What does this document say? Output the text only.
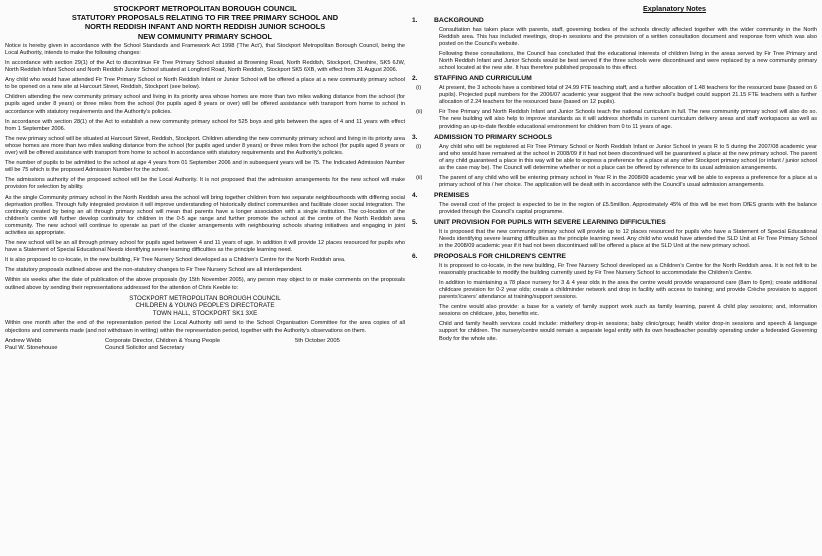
STOCKPORT METROPOLITAN BOROUGH COUNCIL

STATUTORY PROPOSALS RELATING TO FIR TREE PRIMARY SCHOOL AND

NORTH REDDISH INFANT AND NORTH REDDISH JUNIOR SCHOOLS

NEW COMMUNITY PRIMARY SCHOOL

Notice is hereby given in accordance with the School Standards and Framework Act 1998 ('The Act'), that Stockport Metropolitan Borough Council, being the Local Authority, intends to make the following changes:

In accordance with section 29(1) of the Act to discontinue Fir Tree Primary School situated at Browning Road, North Reddish, Stockport, Cheshire, SK5 6JW, North Reddish Infant School and North Reddish Junior School situated at Longford Road, North Reddish, Stockport SK5 6XB, with effect from 31 August 2006.

Any child who would have attended Fir Tree Primary School or North Reddish Infant or Junior School will be offered a place at a new community primary school to be opened on a new site at Harcourt Street, Reddish, Stockport (see below).

Children attending the new community primary school and living in its priority area whose homes are more than two miles walking distance from the school (for pupils aged under 8 years) or three miles from the school (for pupils aged 8 years or over) will be offered assistance with transport from home to school in accordance with statutory requirements and the Authority's policies.

In accordance with section 28(1) of the Act to establish a new community primary school for 525 boys and girls between the ages of 4 and 11 years with effect from 1 September 2006.

The new primary school will be situated at Harcourt Street, Reddish, Stockport. Children attending the new community primary school and living in its priority area whose homes are more than two miles walking distance from the school (for pupils aged under 8 years) or three miles from the school (for pupils aged 8 years or over) will be offered assistance with transport from home to school in accordance with statutory requirements and the Authority's policies.

The number of pupils to be admitted to the school at age 4 years from 01 September 2006 and in subsequent years will be 75. The Indicated Admission Number will be 75 which is the proposed Admission Number for the school.

The admissions authority of the proposed school will be the Local Authority. It is not proposed that the admission arrangements for the new school will make provision for selection by ability.

As the single Community primary school in the North Reddish area the school will bring together children from two separate neighbourhoods with differing social deprivation profiles. Through fully integrated provision it will improve understanding of historically distinct communities and facilitate closer social integration. The continuity created by being an all through primary school will mean that parents have a longer association with a single institution. The co-location of the children's centre will further develop continuity for children in the 0-5 age range and further promote the school at the centre of the North Reddish area community. The new school will continue to operate as part of the cluster arrangements with neighbouring schools sharing initiatives and engaging in joint activities as appropriate.

The new school will be an all through primary school for pupils aged between 4 and 11 years of age. In addition it will provide 12 places resourced for pupils who have a Statement of Special Educational Needs identifying severe learning difficulties as the principle learning need.

It is also proposed to co-locate, in the new building, Fir Tree Nursery School developed as a Children's Centre for the North Reddish area.

The statutory proposals outlined above and the non-statutory changes to Fir Tree Nursery School are all interdependent.

Within six weeks after the date of publication of the above proposals (by 15th November 2005), any person may object to or make comments on the proposals outlined above by sending their representations addressed for the attention of Chris Keeble to:

STOCKPORT METROPOLITAN BOROUGH COUNCIL
CHILDREN & YOUNG PEOPLE'S DIRECTORATE
TOWN HALL, STOCKPORT SK1 3XE

Within one month after the end of the representation period the Local Authority will send to the School Organisation Committee for the area copies of all objections and comments made (and not withdrawn in writing) within the representation period, together with the Authority's observations on them.

Andrew Webb	Corporate Director, Children & Young People	5th October 2005
Paul W. Stonehouse	Council Solicitor and Secretary
Explanatory Notes
1.	BACKGROUND

Consultation has taken place with parents, staff, governing bodies of the schools directly affected together with the wider community in the North Reddish area. This has included meetings, drop-in sessions and the provision of a written consultation document and response form which was also posted on the Council's website.

Following these consultations, the Council has concluded that the educational interests of children living in the areas served by Fir Tree Primary and North Reddish Infant and Junior Schools would be best served if the three schools were discontinued and were replaced by a new community primary school located at the new site. It has therefore published proposals to this effect.

2.	STAFFING AND CURRICULUM
(i)	At present, the 3 schools have a combined total of 24.99 FTE teaching staff, and a further allocation of 1.48 teachers for the resourced base (based on 6 pupils). Projected pupil numbers for the 2006/07 academic year suggest that the new school's budget could support 21.15 FTE teachers with a further allocation of 2.24 teachers for the resourced base (based on 12 pupils).
(ii)	Fir Tree Primary and North Reddish Infant and Junior Schools teach the national curriculum in full. The new community primary school will also do so. The new building will also help to improve standards as it will address shortfalls in current curriculum delivery areas and staff workspaces as well as providing an up-to-date flexible educational environment for children from 0 to 11 years of age.
3.	ADMISSION TO PRIMARY SCHOOLS
(i)	Any child who will be registered at Fir Tree Primary School or North Reddish Infant or Junior School in years R to 5 during the 2007/08 academic year and who would have remained at the school in 2008/09 if it had not been discontinued will be guaranteed a place at the new primary school. The parent of any child guaranteed a place in this way will be able to express a preference for a place at any other Stockport primary school (or infant / junior school as the case may be). The Council will determine whether or not a place can be offered by reference to its usual admission arrangements.
(ii)	The parent of any child who will be entering primary school in Year R in the 2008/09 academic year will be able to express a preference for a place at a primary school of his / her choice. The application will be dealt with in accordance with the Council's usual admission arrangements.
4.	PREMISES

The overall cost of the project is expected to be in the region of £5.5million. Approximately 45% of this will be met from DfES grants with the balance provided through the Council's capital programme.

5.	UNIT PROVISION FOR PUPILS WITH SEVERE LEARNING DIFFICULTIES

It is proposed that the new community primary school will provide up to 12 places resourced for pupils who have a Statement of Special Educational Needs identifying severe learning difficulties as the principle learning need. Any child who would have attended the SLD Unit at Fir Tree Primary School in the 2008/09 academic year if it had not been discontinued will be offered a place at the SLD Unit at the new primary school.

6.	PROPOSALS FOR CHILDREN'S CENTRE

It is proposed to co-locate, in the new building, Fir Tree Nursery School developed as a Children's Centre for the North Reddish area. It is not felt to be reasonably practicable to modify the building currently used by Fir Tree Nursery School to accommodate the Children's Centre.

In addition to maintaining a 78 place nursery for 3 & 4 year olds in the area the centre would provide wraparound care (8am to 6pm); create additional childcare provision for 0-2 year olds; create a childminder network and drop in facility with access to training; and provide Crèche provision to support parents'/carers' attendance at training/support sessions.

The centre would also provide: a base for a variety of family support work such as family learning, parent & child play sessions; and, information sessions on childcare, jobs, benefits etc.

Child and family health services could include: midwifery drop-in sessions; baby clinic/group; health visitor drop-in sessions and speech & language support for children. The nursery/centre would remain a separate legal entity with its own headteacher possibly operating under a federated Governing Body for the whole site.
